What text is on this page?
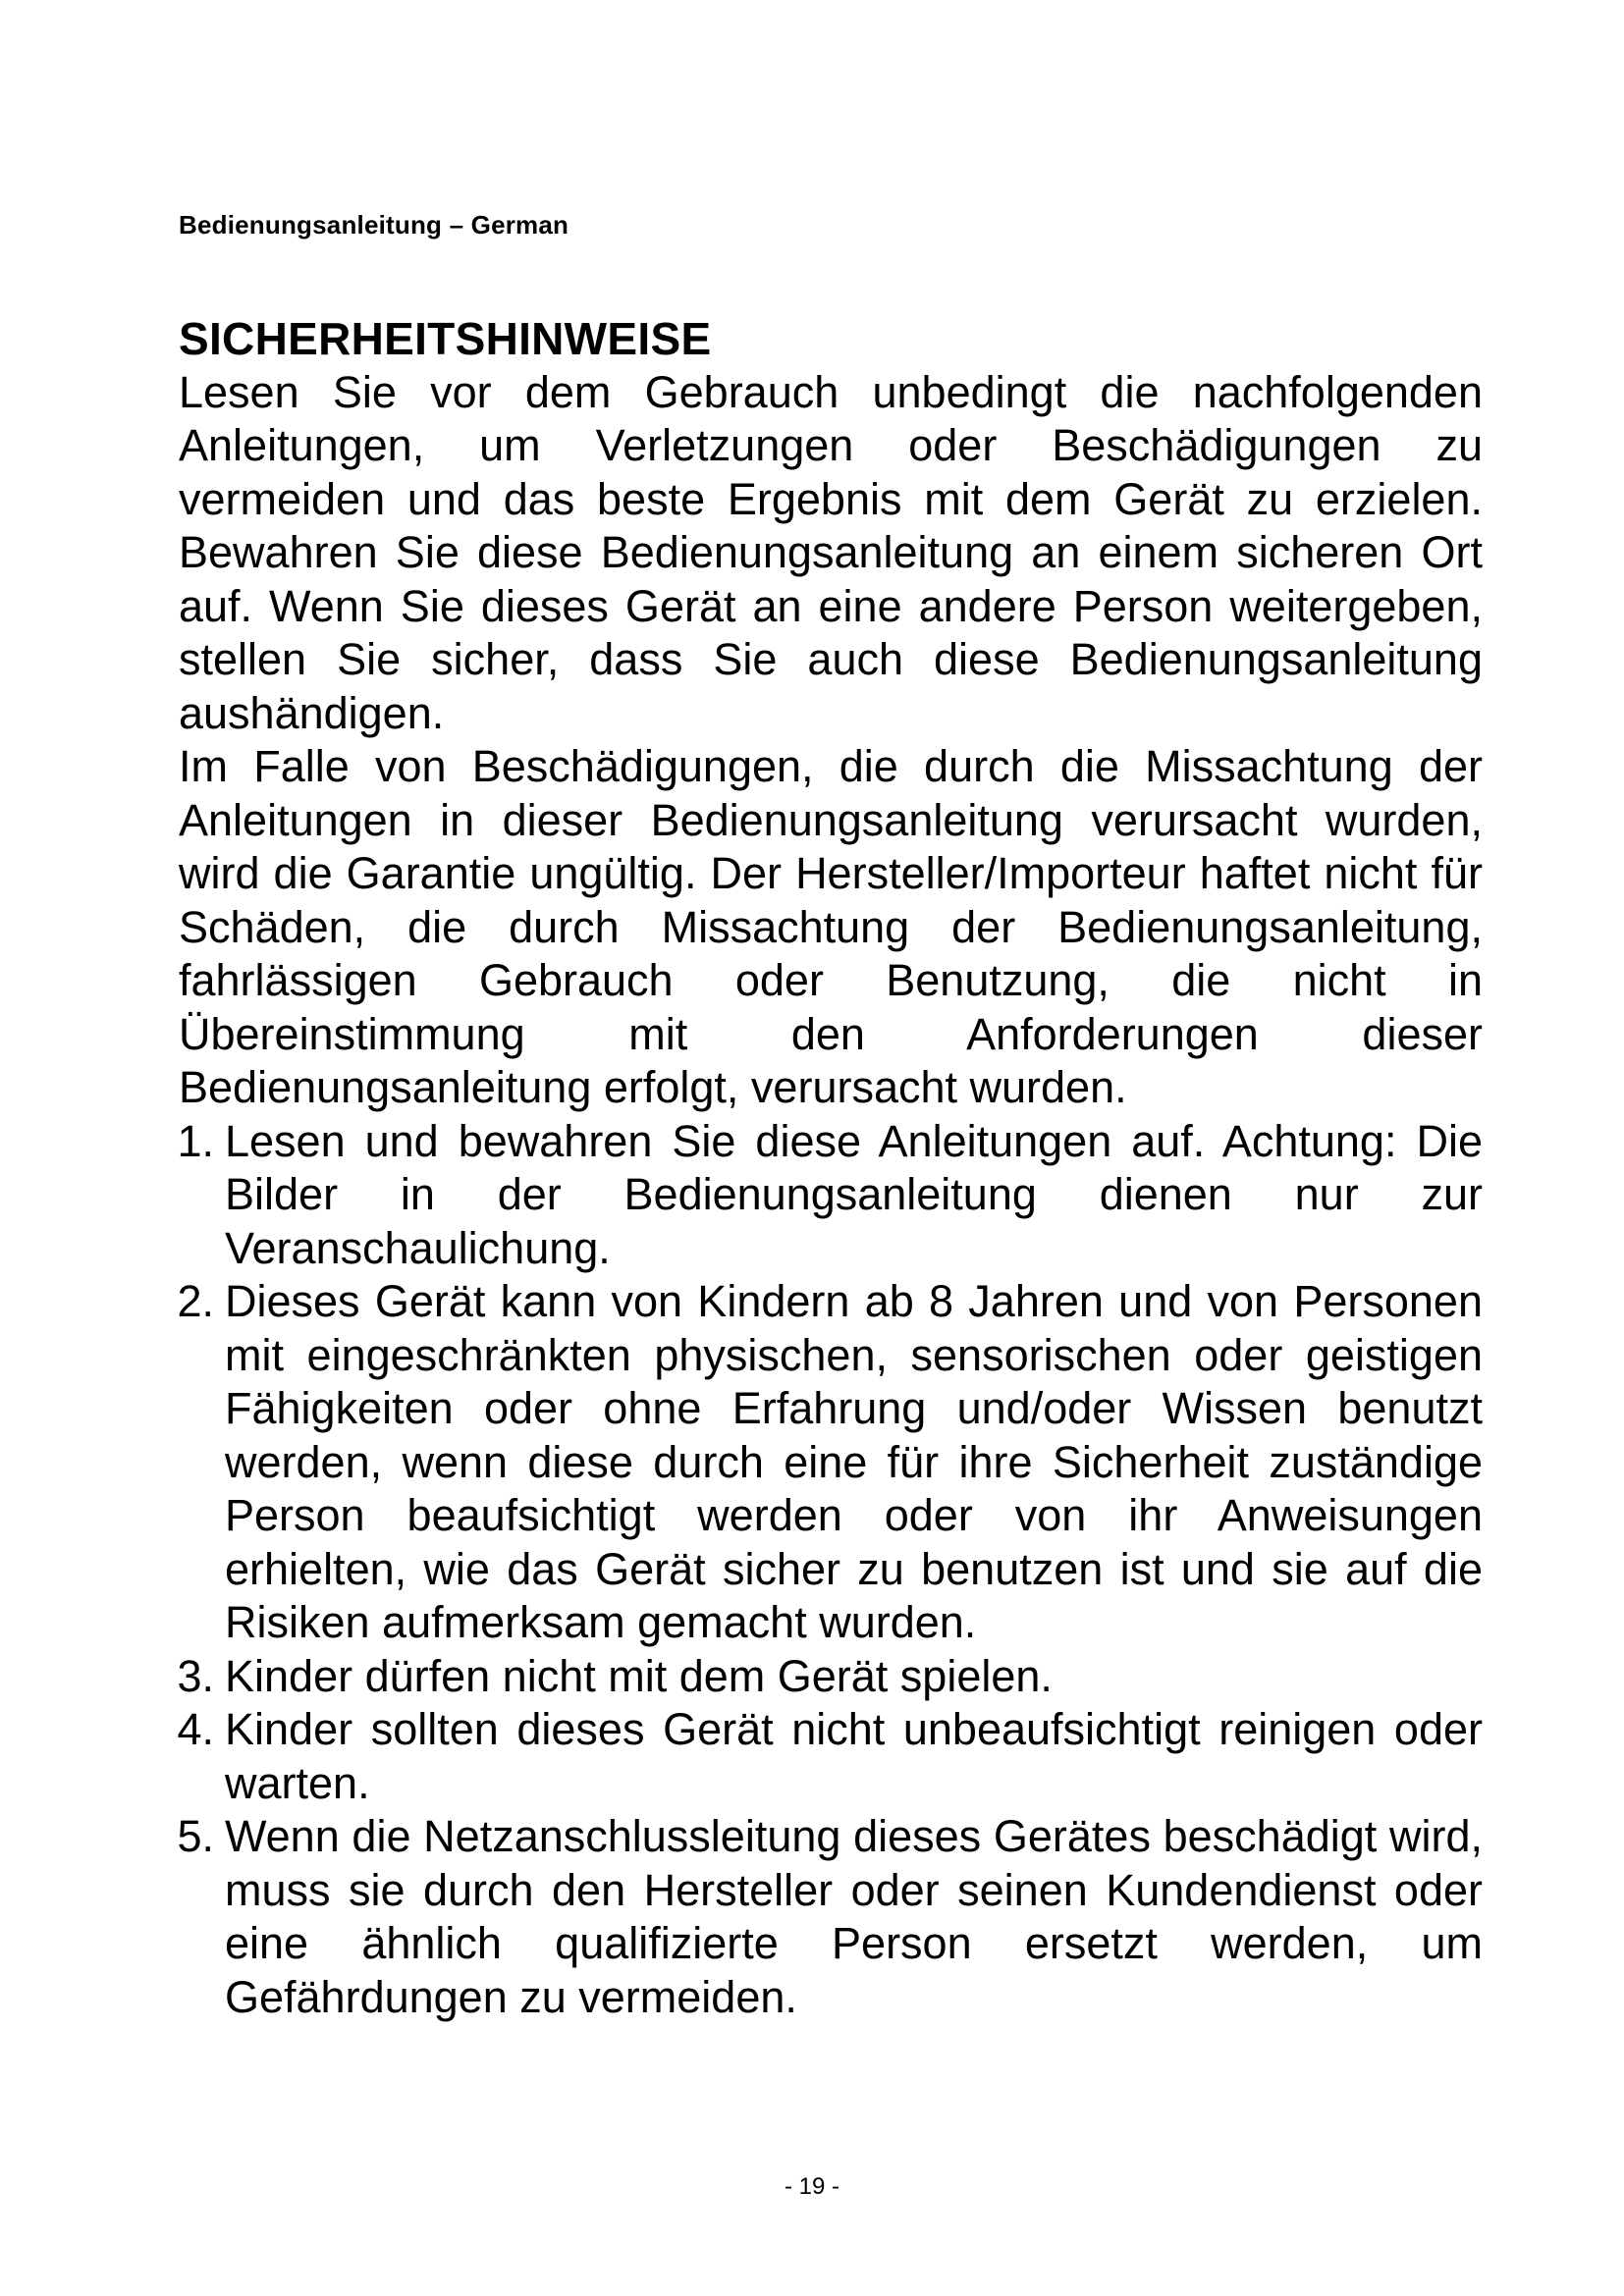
Bedienungsanleitung – German
SICHERHEITSHINWEISE

Lesen Sie vor dem Gebrauch unbedingt die nachfolgenden Anleitungen, um Verletzungen oder Beschädigungen zu vermeiden und das beste Ergebnis mit dem Gerät zu erzielen. Bewahren Sie diese Bedienungsanleitung an einem sicheren Ort auf. Wenn Sie dieses Gerät an eine andere Person weitergeben, stellen Sie sicher, dass Sie auch diese Bedienungsanleitung aushändigen.

Im Falle von Beschädigungen, die durch die Missachtung der Anleitungen in dieser Bedienungsanleitung verursacht wurden, wird die Garantie ungültig. Der Hersteller/Importeur haftet nicht für Schäden, die durch Missachtung der Bedienungsanleitung, fahrlässigen Gebrauch oder Benutzung, die nicht in Übereinstimmung mit den Anforderungen dieser Bedienungsanleitung erfolgt, verursacht wurden.

1. Lesen und bewahren Sie diese Anleitungen auf. Achtung: Die Bilder in der Bedienungsanleitung dienen nur zur Veranschaulichung.
2. Dieses Gerät kann von Kindern ab 8 Jahren und von Personen mit eingeschränkten physischen, sensorischen oder geistigen Fähigkeiten oder ohne Erfahrung und/oder Wissen benutzt werden, wenn diese durch eine für ihre Sicherheit zuständige Person beaufsichtigt werden oder von ihr Anweisungen erhielten, wie das Gerät sicher zu benutzen ist und sie auf die Risiken aufmerksam gemacht wurden.
3. Kinder dürfen nicht mit dem Gerät spielen.
4. Kinder sollten dieses Gerät nicht unbeaufsichtigt reinigen oder warten.
5. Wenn die Netzanschlussleitung dieses Gerätes beschädigt wird, muss sie durch den Hersteller oder seinen Kundendienst oder eine ähnlich qualifizierte Person ersetzt werden, um Gefährdungen zu vermeiden.
- 19 -
